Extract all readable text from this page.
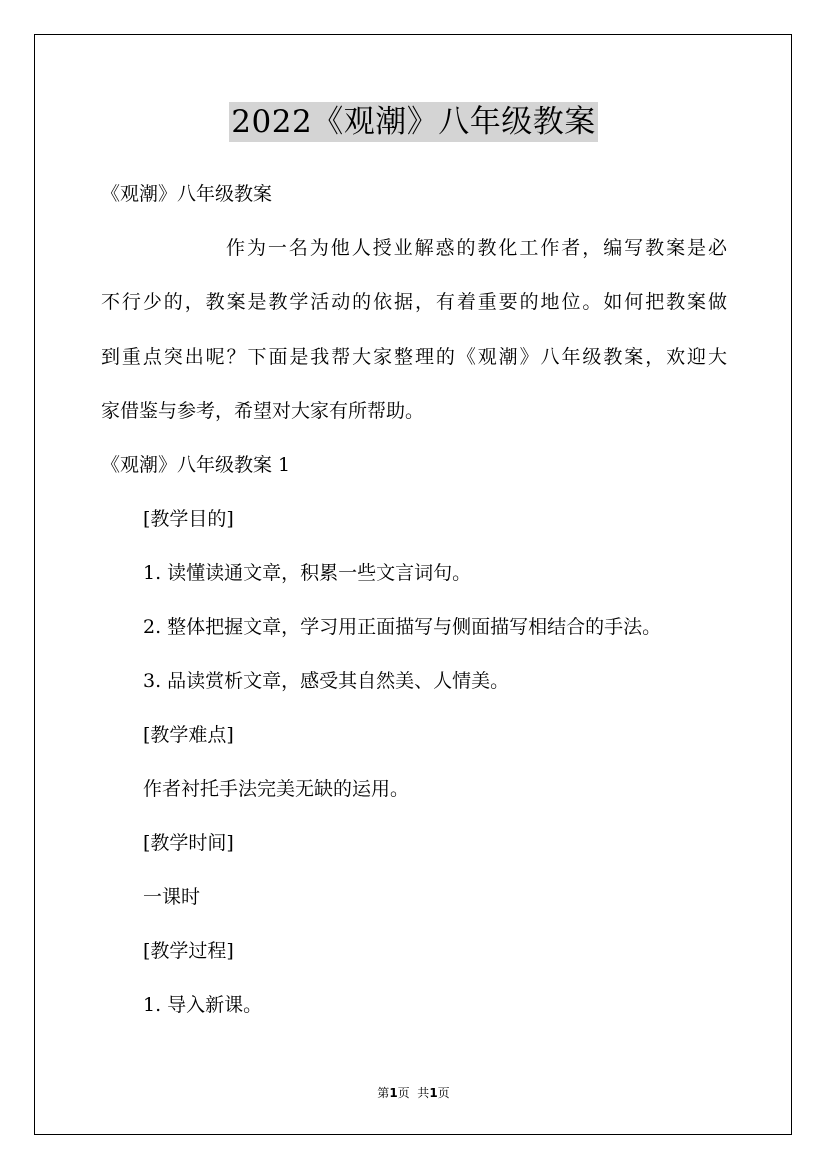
2022《观潮》八年级教案
《观潮》八年级教案
作为一名为他人授业解惑的教化工作者，编写教案是必
不行少的，教案是教学活动的依据，有着重要的地位。如何把教案做
到重点突出呢？下面是我帮大家整理的《观潮》八年级教案，欢迎大
家借鉴与参考，希望对大家有所帮助。
《观潮》八年级教案 1
[教学目的]
1. 读懂读通文章，积累一些文言词句。
2. 整体把握文章，学习用正面描写与侧面描写相结合的手法。
3. 品读赏析文章，感受其自然美、人情美。
[教学难点]
作者衬托手法完美无缺的运用。
[教学时间]
一课时
[教学过程]
1. 导入新课。
第1页  共1页
